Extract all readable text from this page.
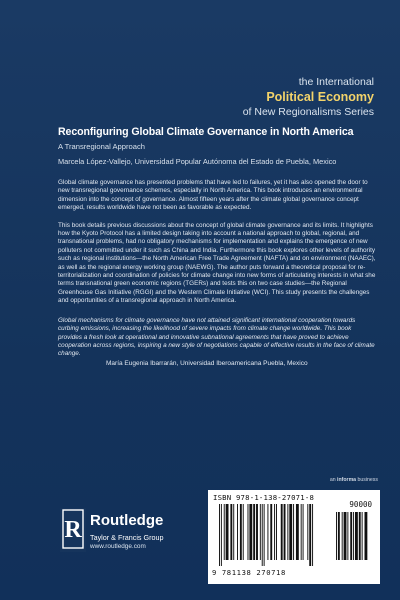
the International
Political Economy
of New Regionalisms Series
Reconfiguring Global Climate Governance in North America
A Transregional Approach
Marcela López-Vallejo, Universidad Popular Autónoma del Estado de Puebla, Mexico

Global climate governance has presented problems that have led to failures, yet it has also opened the door to new transregional governance schemes, especially in North America. This book introduces an environmental dimension into the concept of governance. Almost fifteen years after the climate global governance concept emerged, results worldwide have not been as favorable as expected.

This book details previous discussions about the concept of global climate governance and its limits. It highlights how the Kyoto Protocol has a limited design taking into account a national approach to global, regional, and transnational problems, had no obligatory mechanisms for implementation and explains the emergence of new polluters not committed under it such as China and India. Furthermore this book explores other levels of authority such as regional institutions—the North American Free Trade Agreement (NAFTA) and on environment (NAAEC), as well as the regional energy working group (NAEWG). The author puts forward a theoretical proposal for re-territorialization and coordination of policies for climate change into new forms of articulating interests in what she terms transnational green economic regions (TGERs) and tests this on two case studies—the Regional Greenhouse Gas Initiative (RGGI) and the Western Climate Initiative (WCI). This study presents the challenges and opportunities of a transregional approach in North America.

Global mechanisms for climate governance have not attained significant international cooperation towards curbing emissions, increasing the likelihood of severe impacts from climate change worldwide. This book provides a fresh look at operational and innovative subnational agreements that have proved to achieve cooperation across regions, inspiring a new style of negotiations capable of effective results in the face of climate change.

María Eugenia Ibarrarán, Universidad Iberoamericana Puebla, Mexico

an informa business
R Routledge
Taylor & Francis Group
www.routledge.com
ISBN 978-1-138-27071-8
90000
9 781138 270718
